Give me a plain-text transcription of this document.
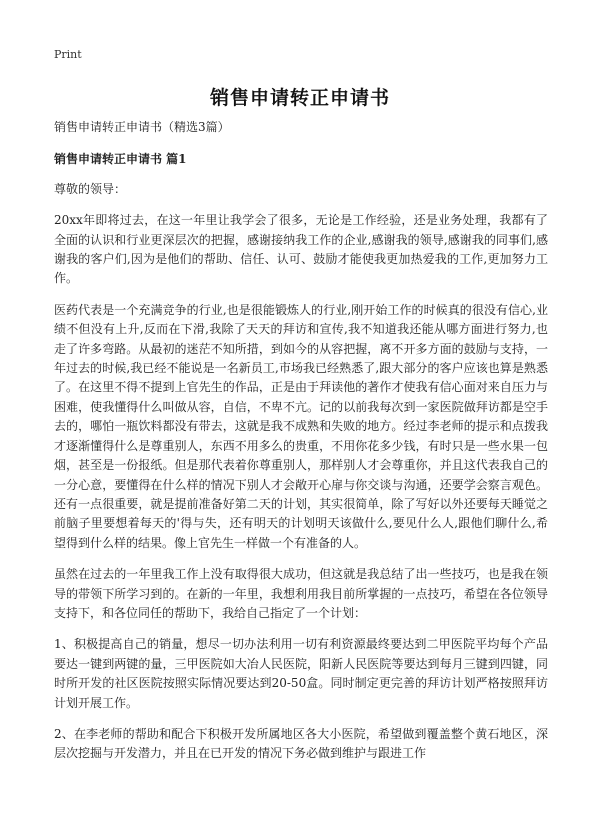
Print
销售申请转正申请书

销售申请转正申请书（精选3篇）

销售申请转正申请书 篇1

尊敬的领导：

20xx年即将过去，在这一年里让我学会了很多，无论是工作经验，还是业务处理，我都有了全面的认识和行业更深层次的把握，感谢接纳我工作的企业,感谢我的领导,感谢我的同事们,感谢我的客户们,因为是他们的帮助、信任、认可、鼓励才能使我更加热爱我的工作,更加努力工作。

医药代表是一个充满竞争的行业,也是很能锻炼人的行业,刚开始工作的时候真的很没有信心,业绩不但没有上升,反而在下滑,我除了天天的拜访和宣传,我不知道我还能从哪方面进行努力,也走了许多弯路。从最初的迷茫不知所措，到如今的从容把握，离不开多方面的鼓励与支持，一年过去的时候,我已经不能说是一名新员工,市场我已经熟悉了,跟大部分的客户应该也算是熟悉了。在这里不得不提到上官先生的作品，正是由于拜读他的著作才使我有信心面对来自压力与困难，使我懂得什么叫做从容，自信，不卑不亢。记的以前我每次到一家医院做拜访都是空手去的，哪怕一瓶饮料都没有带去，这就是我不成熟和失败的地方。经过李老师的提示和点拨我才逐渐懂得什么是尊重别人，东西不用多么的贵重，不用你花多少钱，有时只是一些水果一包烟，甚至是一份报纸。但是那代表着你尊重别人，那样别人才会尊重你，并且这代表我自己的一分心意，要懂得在什么样的情况下别人才会敞开心扉与你交谈与沟通，还要学会察言观色。还有一点很重要，就是提前准备好第二天的计划，其实很简单，除了写好以外还要每天睡觉之前脑子里要想着每天的'得与失，还有明天的计划明天该做什么,要见什么人,跟他们聊什么,希望得到什么样的结果。像上官先生一样做一个有准备的人。

虽然在过去的一年里我工作上没有取得很大成功，但这就是我总结了出一些技巧，也是我在领导的带领下所学习到的。在新的一年里，我想利用我目前所掌握的一点技巧，希望在各位领导支持下，和各位同任的帮助下，我给自己指定了一个计划：

1、积极提高自己的销量，想尽一切办法利用一切有利资源最终要达到二甲医院平均每个产品要达一键到两键的量，三甲医院如大冶人民医院，阳新人民医院等要达到每月三键到四键，同时所开发的社区医院按照实际情况要达到20-50盒。同时制定更完善的拜访计划严格按照拜访计划开展工作。

2、在李老师的帮助和配合下积极开发所属地区各大小医院，希望做到覆盖整个黄石地区，深层次挖掘与开发潜力，并且在已开发的情况下务必做到维护与跟进工作
